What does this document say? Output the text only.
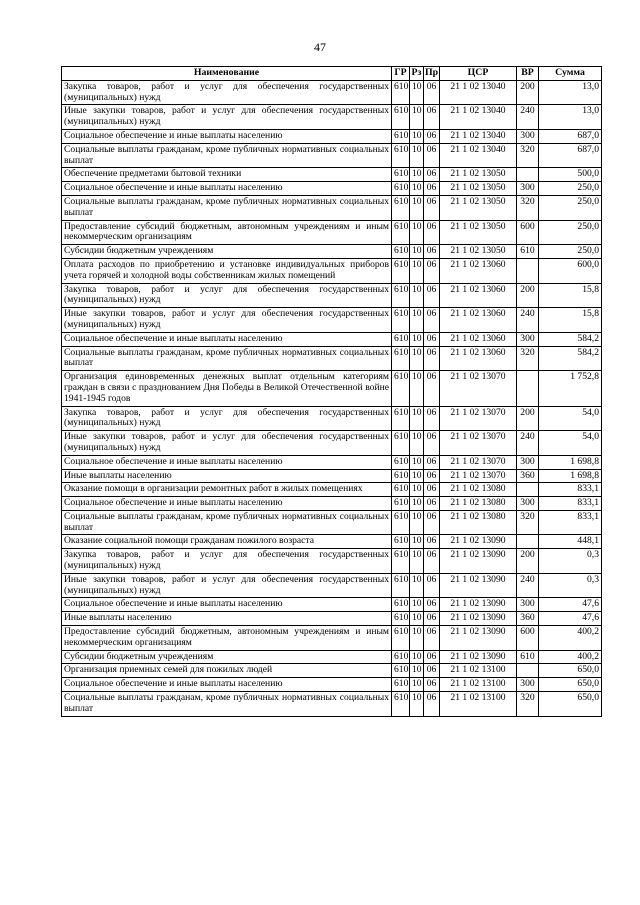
47
Наименование	ГР	Рз	Пр	ЦСР	ВР	Сумма
Закупка товаров, работ и услуг для обеспечения государственных (муниципальных) нужд	610	10	06	21 1 02 13040	200	13,0
Иные закупки товаров, работ и услуг для обеспечения государственных (муниципальных) нужд	610	10	06	21 1 02 13040	240	13,0
Социальное обеспечение и иные выплаты населению	610	10	06	21 1 02 13040	300	687,0
Социальные выплаты гражданам, кроме публичных нормативных социальных выплат	610	10	06	21 1 02 13040	320	687,0
Обеспечение предметами бытовой техники	610	10	06	21 1 02 13050		500,0
Социальное обеспечение и иные выплаты населению	610	10	06	21 1 02 13050	300	250,0
Социальные выплаты гражданам, кроме публичных нормативных социальных выплат	610	10	06	21 1 02 13050	320	250,0
Предоставление субсидий бюджетным, автономным учреждениям и иным некоммерческим организациям	610	10	06	21 1 02 13050	600	250,0
Субсидии бюджетным учреждениям	610	10	06	21 1 02 13050	610	250,0
Оплата расходов по приобретению и установке индивидуальных приборов учета горячей и холодной воды собственникам жилых помещений	610	10	06	21 1 02 13060		600,0
Закупка товаров, работ и услуг для обеспечения государственных (муниципальных) нужд	610	10	06	21 1 02 13060	200	15,8
Иные закупки товаров, работ и услуг для обеспечения государственных (муниципальных) нужд	610	10	06	21 1 02 13060	240	15,8
Социальное обеспечение и иные выплаты населению	610	10	06	21 1 02 13060	300	584,2
Социальные выплаты гражданам, кроме публичных нормативных социальных выплат	610	10	06	21 1 02 13060	320	584,2
Организация единовременных денежных выплат отдельным категориям граждан в связи с празднованием Дня Победы в Великой Отечественной войне 1941-1945 годов	610	10	06	21 1 02 13070		1 752,8
Закупка товаров, работ и услуг для обеспечения государственных (муниципальных) нужд	610	10	06	21 1 02 13070	200	54,0
Иные закупки товаров, работ и услуг для обеспечения государственных (муниципальных) нужд	610	10	06	21 1 02 13070	240	54,0
Социальное обеспечение и иные выплаты населению	610	10	06	21 1 02 13070	300	1 698,8
Иные выплаты населению	610	10	06	21 1 02 13070	360	1 698,8
Оказание помощи в организации ремонтных работ в жилых помещениях	610	10	06	21 1 02 13080		833,1
Социальное обеспечение и иные выплаты населению	610	10	06	21 1 02 13080	300	833,1
Социальные выплаты гражданам, кроме публичных нормативных социальных выплат	610	10	06	21 1 02 13080	320	833,1
Оказание социальной помощи гражданам пожилого возраста	610	10	06	21 1 02 13090		448,1
Закупка товаров, работ и услуг для обеспечения государственных (муниципальных) нужд	610	10	06	21 1 02 13090	200	0,3
Иные закупки товаров, работ и услуг для обеспечения государственных (муниципальных) нужд	610	10	06	21 1 02 13090	240	0,3
Социальное обеспечение и иные выплаты населению	610	10	06	21 1 02 13090	300	47,6
Иные выплаты населению	610	10	06	21 1 02 13090	360	47,6
Предоставление субсидий бюджетным, автономным учреждениям и иным некоммерческим организациям	610	10	06	21 1 02 13090	600	400,2
Субсидии бюджетным учреждениям	610	10	06	21 1 02 13090	610	400,2
Организация приемных семей для пожилых людей	610	10	06	21 1 02 13100		650,0
Социальное обеспечение и иные выплаты населению	610	10	06	21 1 02 13100	300	650,0
Социальные выплаты гражданам, кроме публичных нормативных социальных выплат	610	10	06	21 1 02 13100	320	650,0
